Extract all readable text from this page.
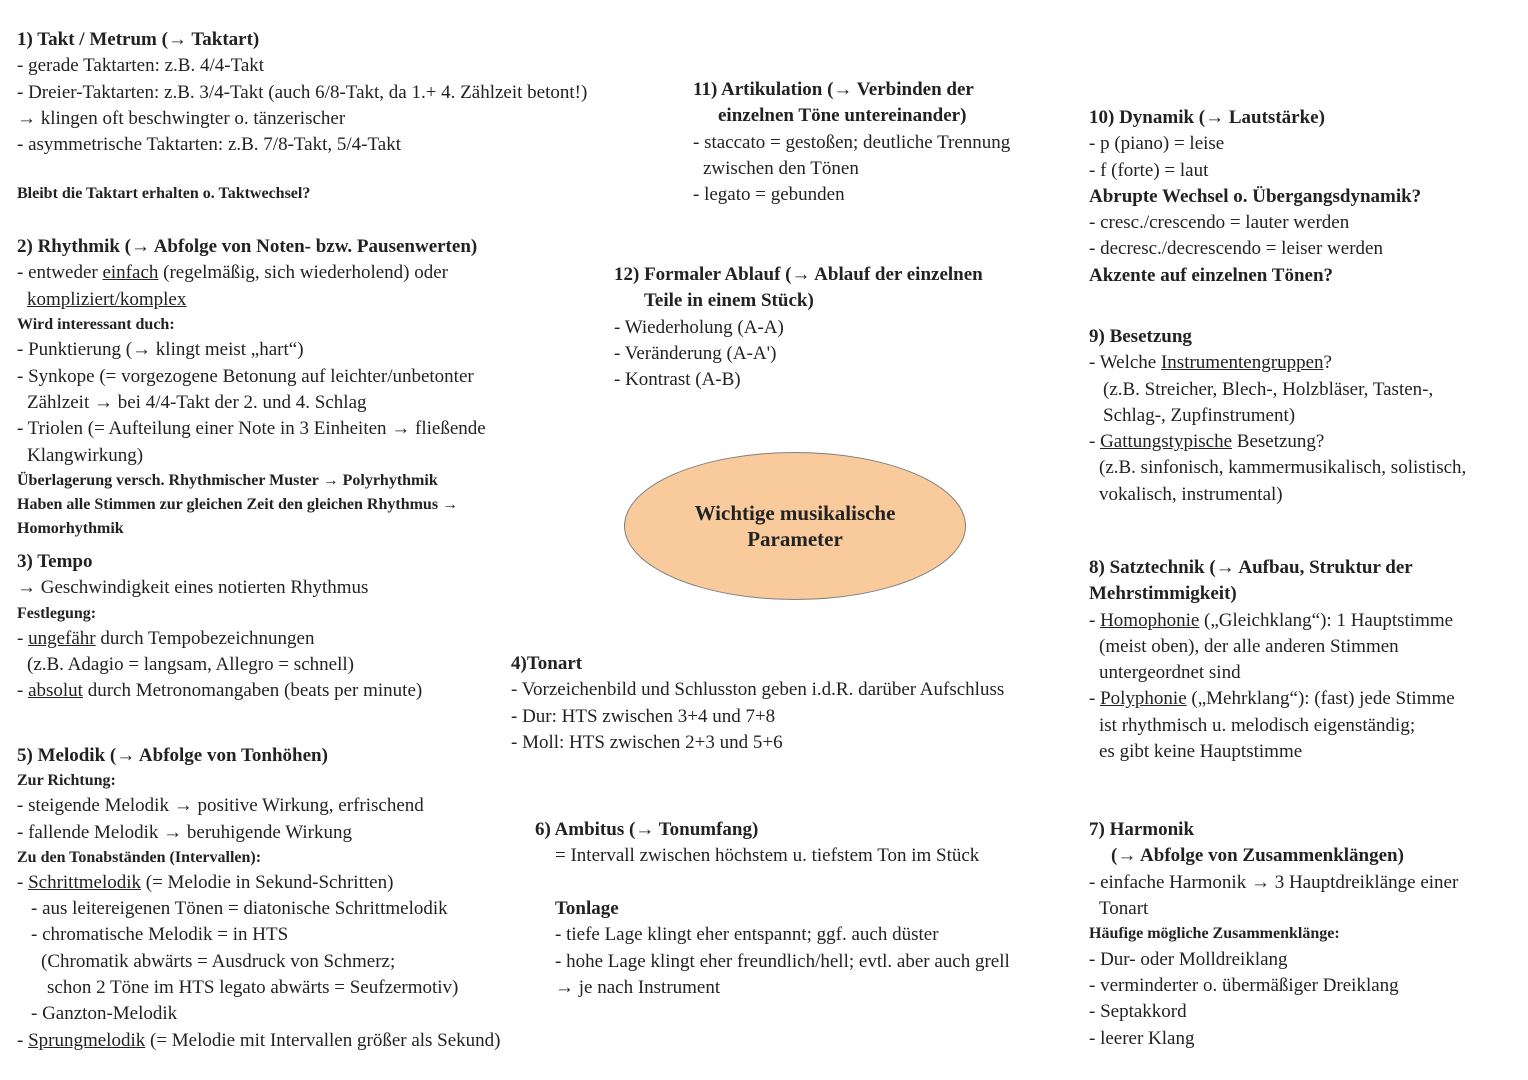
1) Takt / Metrum (→ Taktart)
- gerade Taktarten: z.B. 4/4-Takt
- Dreier-Taktarten: z.B. 3/4-Takt (auch 6/8-Takt, da 1.+ 4. Zählzeit betont!)
→ klingen oft beschwingter o. tänzerischer
- asymmetrische Taktarten: z.B. 7/8-Takt, 5/4-Takt
Bleibt die Taktart erhalten o. Taktwechsel?
2) Rhythmik (→ Abfolge von Noten- bzw. Pausenwerten)
- entweder einfach (regelmäßig, sich wiederholend) oder
kompliziert/komplex
Wird interessant duch:
- Punktierung (→ klingt meist „hart“)
- Synkope (= vorgezogene Betonung auf leichter/unbetonter
Zählzeit → bei 4/4-Takt der 2. und 4. Schlag
- Triolen (= Aufteilung einer Note in 3 Einheiten → fließende
Klangwirkung)
Überlagerung versch. Rhythmischer Muster → Polyrhythmik
Haben alle Stimmen zur gleichen Zeit den gleichen Rhythmus →
Homorhythmik
3) Tempo
→ Geschwindigkeit eines notierten Rhythmus
Festlegung:
- ungefähr durch Tempobezeichnungen
(z.B. Adagio = langsam, Allegro = schnell)
- absolut durch Metronomangaben (beats per minute)
5) Melodik (→ Abfolge von Tonhöhen)
Zur Richtung:
- steigende Melodik → positive Wirkung, erfrischend
- fallende Melodik → beruhigende Wirkung
Zu den Tonabständen (Intervallen):
- Schrittmelodik (= Melodie in Sekund-Schritten)
- aus leitereigenen Tönen = diatonische Schrittmelodik
- chromatische Melodik = in HTS
(Chromatik abwärts = Ausdruck von Schmerz;
schon 2 Töne im HTS legato abwärts = Seufzermotiv)
- Ganzton-Melodik
- Sprungmelodik (= Melodie mit Intervallen größer als Sekund)
11) Artikulation (→ Verbinden der
einzelnen Töne untereinander)
- staccato = gestoßen; deutliche Trennung
zwischen den Tönen
- legato = gebunden
12) Formaler Ablauf (→ Ablauf der einzelnen
Teile in einem Stück)
- Wiederholung (A-A)
- Veränderung (A-A')
- Kontrast (A-B)
Wichtige musikalische
Parameter
4)Tonart
- Vorzeichenbild und Schlusston geben i.d.R. darüber Aufschluss
- Dur: HTS zwischen 3+4 und 7+8
- Moll: HTS zwischen 2+3 und 5+6
6) Ambitus (→ Tonumfang)
= Intervall zwischen höchstem u. tiefstem Ton im Stück
Tonlage
- tiefe Lage klingt eher entspannt; ggf. auch düster
- hohe Lage klingt eher freundlich/hell; evtl. aber auch grell
→ je nach Instrument
10) Dynamik (→ Lautstärke)
- p (piano) = leise
- f (forte) = laut
Abrupte Wechsel o. Übergangsdynamik?
- cresc./crescendo = lauter werden
- decresc./decrescendo = leiser werden
Akzente auf einzelnen Tönen?
9) Besetzung
- Welche Instrumentengruppen?
(z.B. Streicher, Blech-, Holzbläser, Tasten-,
Schlag-, Zupfinstrument)
- Gattungstypische Besetzung?
(z.B. sinfonisch, kammermusikalisch, solistisch,
vokalisch, instrumental)
8) Satztechnik (→ Aufbau, Struktur der
Mehrstimmigkeit)
- Homophonie („Gleichklang“): 1 Hauptstimme
(meist oben), der alle anderen Stimmen
untergeordnet sind
- Polyphonie („Mehrklang“): (fast) jede Stimme
ist rhythmisch u. melodisch eigenständig;
es gibt keine Hauptstimme
7) Harmonik
(→ Abfolge von Zusammenklängen)
- einfache Harmonik → 3 Hauptdreiklänge einer
Tonart
Häufige mögliche Zusammenklänge:
- Dur- oder Molldreiklang
- verminderter o. übermäßiger Dreiklang
- Septakkord
- leerer Klang
